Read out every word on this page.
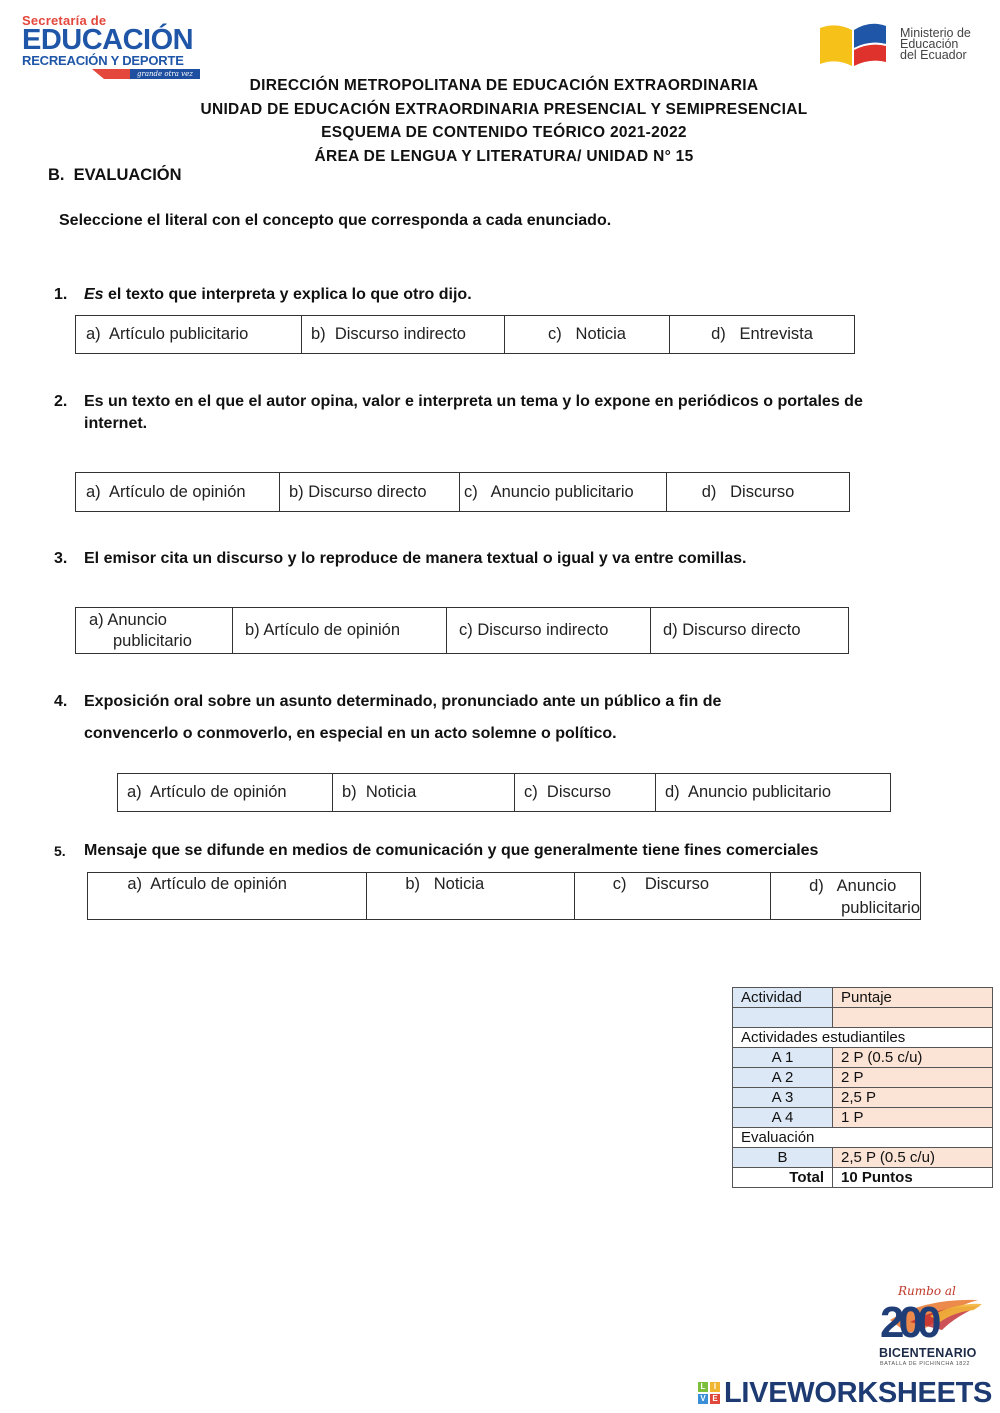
Secretaría de
EDUCACIÓN
RECREACIÓN Y DEPORTE
grande otra vez
Ministerio de
Educación
del Ecuador
DIRECCIÓN METROPOLITANA DE EDUCACIÓN EXTRAORDINARIA
UNIDAD DE EDUCACIÓN EXTRAORDINARIA PRESENCIAL Y SEMIPRESENCIAL
ESQUEMA DE CONTENIDO TEÓRICO 2021-2022
ÁREA DE LENGUA Y LITERATURA/ UNIDAD N° 15
B.  EVALUACIÓN
Seleccione el literal con el concepto que corresponda a cada enunciado.
1. Es el texto que interpreta y explica lo que otro dijo.
a) Artículo publicitario	b) Discurso indirecto	c) Noticia	d) Entrevista
2. Es un texto en el que el autor opina, valor e interpreta un tema y lo expone en periódicos o portales de
internet.
a) Artículo de opinión	b) Discurso directo	c) Anuncio publicitario	d) Discurso
3. El emisor cita un discurso y lo reproduce de manera textual o igual y va entre comillas.
a) Anuncio
publicitario
	b) Artículo de opinión	c) Discurso indirecto	d) Discurso directo
4. Exposición oral sobre un asunto determinado, pronunciado ante un público a fin de
convencerlo o conmoverlo, en especial en un acto solemne o político.
a) Artículo de opinión	b) Noticia	c) Discurso	d) Anuncio publicitario
5. Mensaje que se difunde en medios de comunicación y que generalmente tiene fines comerciales
a) Artículo de opinión	b) Noticia	c) Discurso	d) Anuncio
publicitario
Actividad	Puntaje

Actividades estudiantiles	
A 1	2 P (0.5 c/u)
A 2	2 P
A 3	2,5 P
A 4	1 P
Evaluación	
B	2,5 P (0.5 c/u)
Total	10 Puntos
Rumbo al
200
BICENTENARIO
BATALLA DE PICHINCHA 1822
L	I
V E LIVEWORKSHEETS
